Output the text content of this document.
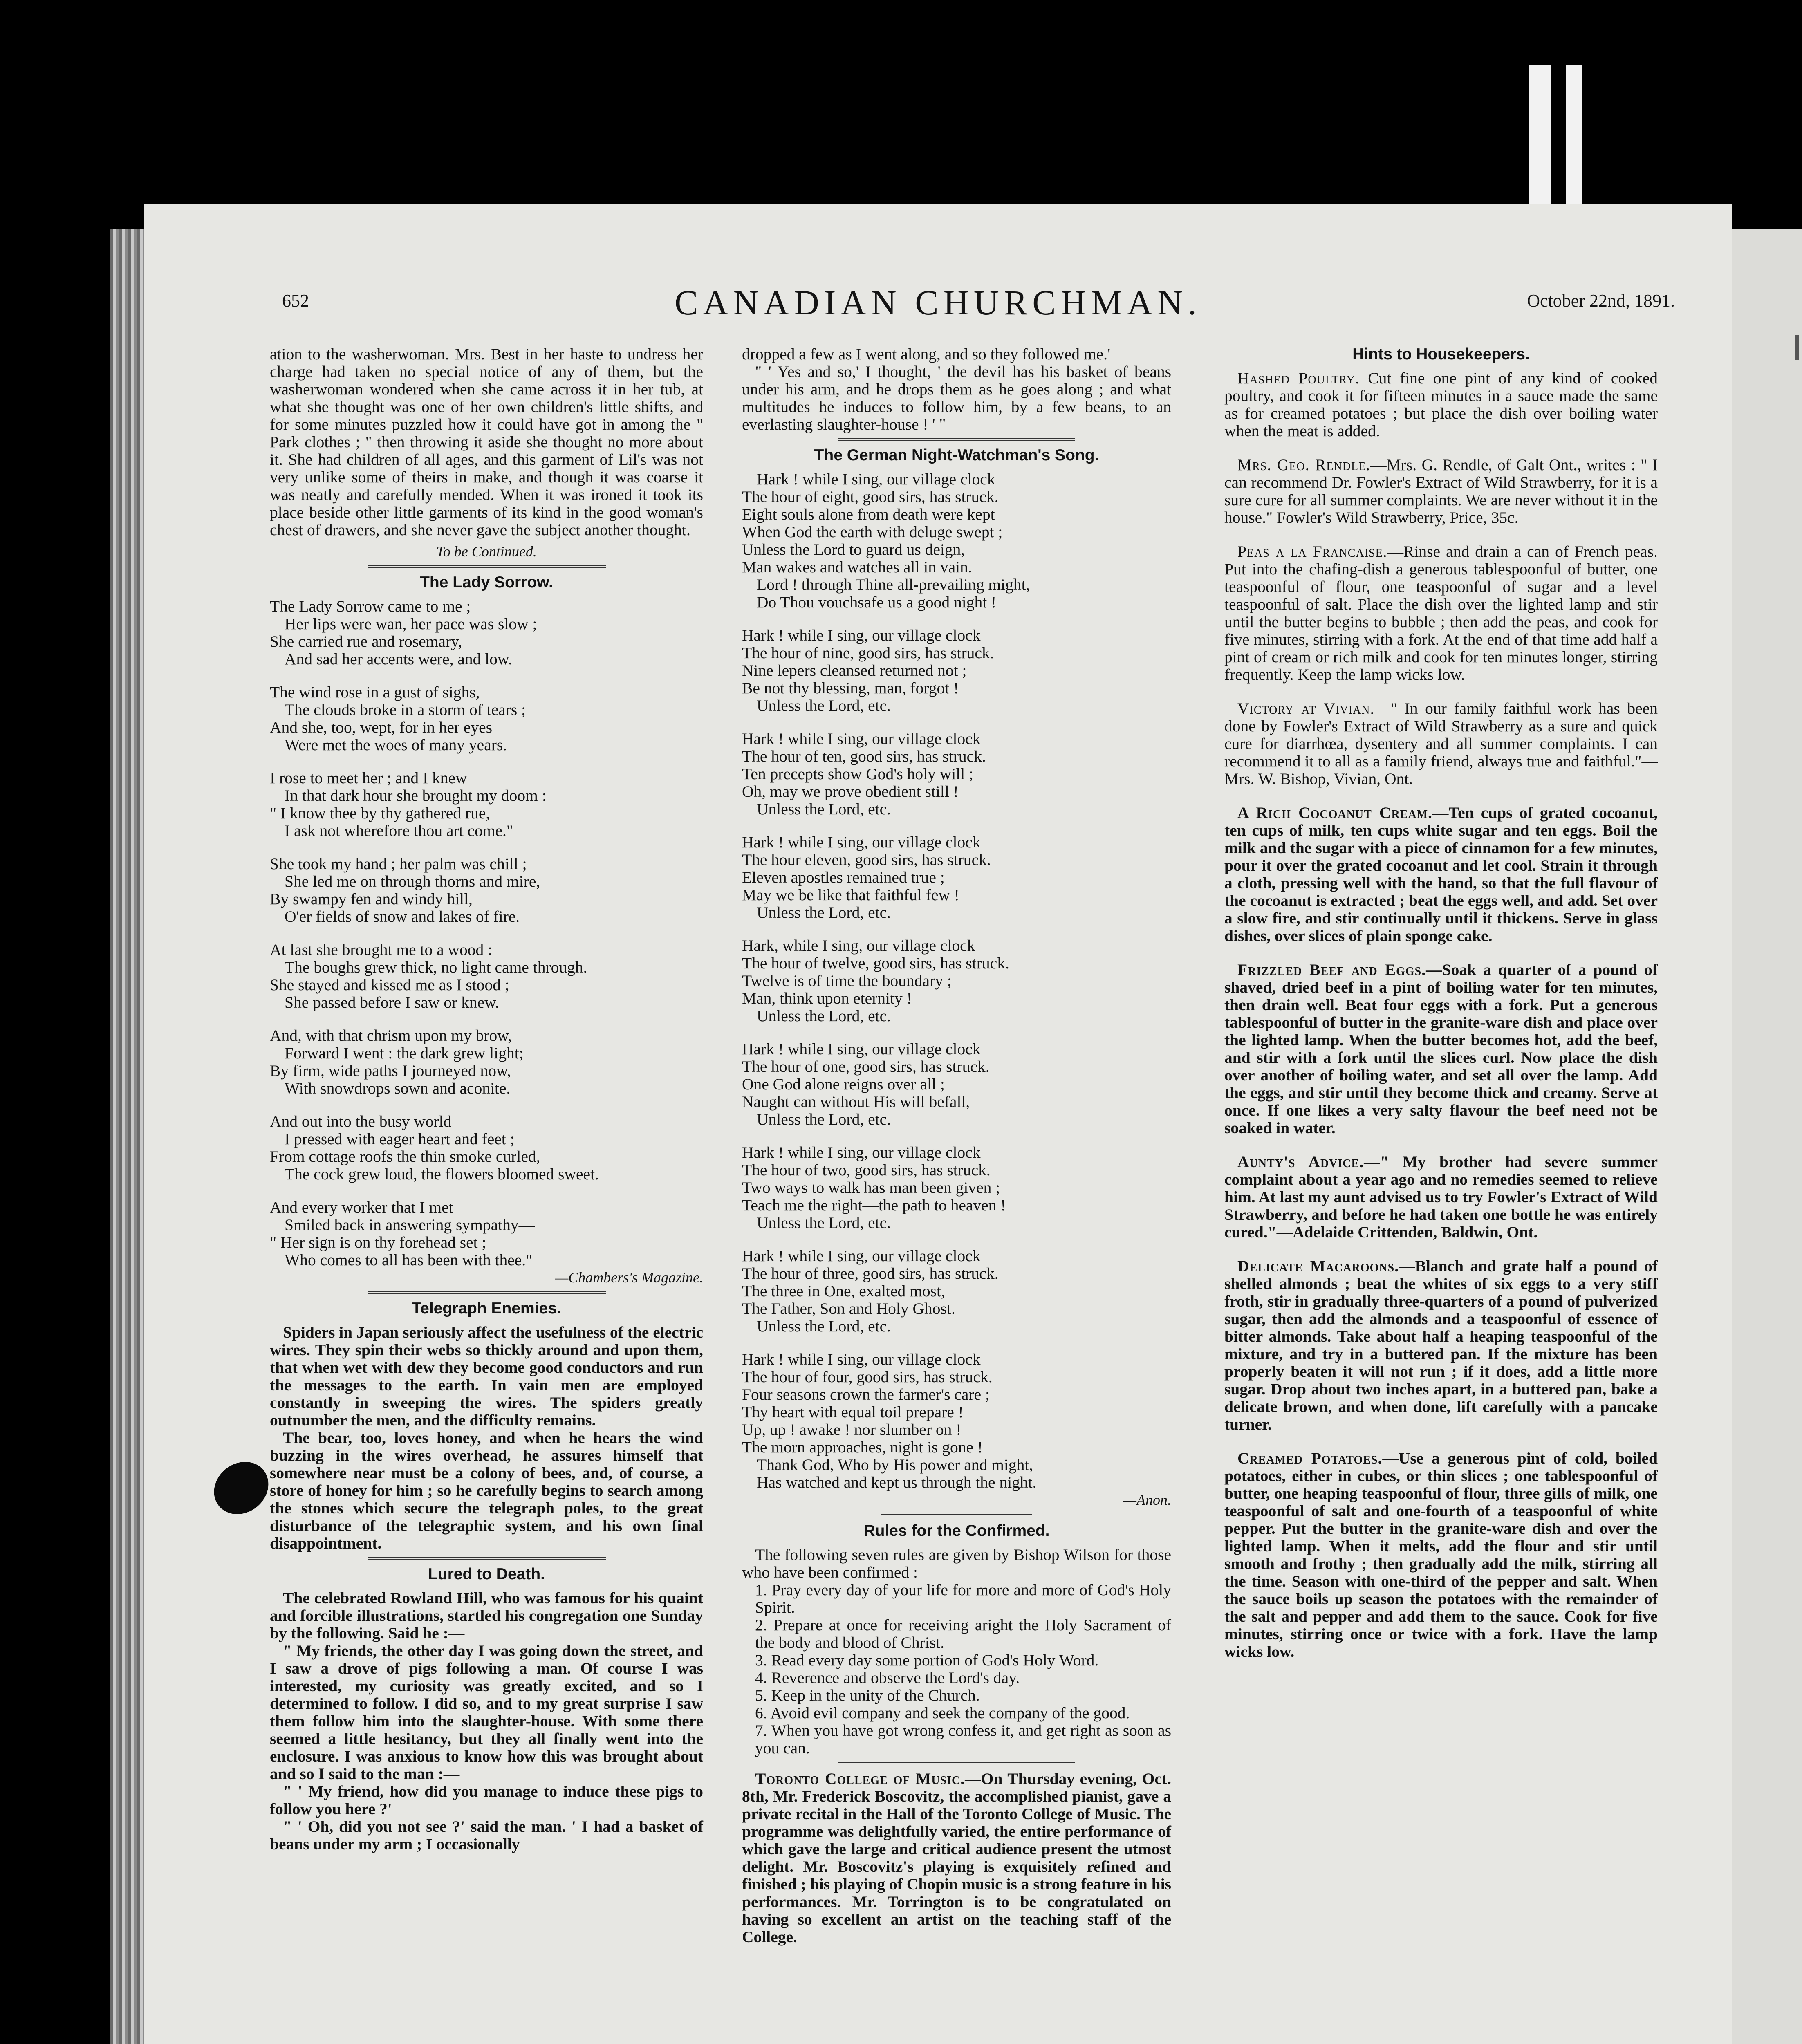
652	CANADIAN CHURCHMAN.	October 22nd, 1891.

ation to the washerwoman. Mrs. Best in her haste to undress her charge had taken no special notice of any of them, but the washerwoman wondered when she came across it in her tub, at what she thought was one of her own children's little shifts, and for some minutes puzzled how it could have got in among the " Park clothes ; " then throwing it aside she thought no more about it. She had children of all ages, and this garment of Lil's was not very unlike some of theirs in make, and though it was coarse it was neatly and carefully mended. When it was ironed it took its place beside other little garments of its kind in the good woman's chest of drawers, and she never gave the subject another thought.

To be Continued.
The Lady Sorrow.
The Lady Sorrow came to me ;
Her lips were wan, her pace was slow ;
She carried rue and rosemary,
And sad her accents were, and low.
The wind rose in a gust of sighs,
The clouds broke in a storm of tears ;
And she, too, wept, for in her eyes
Were met the woes of many years.
I rose to meet her ; and I knew
In that dark hour she brought my doom :
" I know thee by thy gathered rue,
I ask not wherefore thou art come."
She took my hand ; her palm was chill ;
She led me on through thorns and mire,
By swampy fen and windy hill,
O'er fields of snow and lakes of fire.
At last she brought me to a wood :
The boughs grew thick, no light came through.
She stayed and kissed me as I stood ;
She passed before I saw or knew.
And, with that chrism upon my brow,
Forward I went : the dark grew light;
By firm, wide paths I journeyed now,
With snowdrops sown and aconite.
And out into the busy world
I pressed with eager heart and feet ;
From cottage roofs the thin smoke curled,
The cock grew loud, the flowers bloomed sweet.
And every worker that I met
Smiled back in answering sympathy—
" Her sign is on thy forehead set ;
Who comes to all has been with thee."
—Chambers's Magazine.
Telegraph Enemies.

Spiders in Japan seriously affect the usefulness of the electric wires. They spin their webs so thickly around and upon them, that when wet with dew they become good conductors and run the messages to the earth. In vain men are employed constantly in sweeping the wires. The spiders greatly outnumber the men, and the difficulty remains.

The bear, too, loves honey, and when he hears the wind buzzing in the wires overhead, he assures himself that somewhere near must be a colony of bees, and, of course, a store of honey for him ; so he carefully begins to search among the stones which secure the telegraph poles, to the great disturbance of the telegraphic system, and his own final disappointment.

Lured to Death.

The celebrated Rowland Hill, who was famous for his quaint and forcible illustrations, startled his congregation one Sunday by the following. Said he :—

" My friends, the other day I was going down the street, and I saw a drove of pigs following a man. Of course I was interested, my curiosity was greatly excited, and so I determined to follow. I did so, and to my great surprise I saw them follow him into the slaughter-house. With some there seemed a little hesitancy, but they all finally went into the enclosure. I was anxious to know how this was brought about and so I said to the man :—

" ' My friend, how did you manage to induce these pigs to follow you here ?'

" ' Oh, did you not see ?' said the man. ' I had a basket of beans under my arm ; I occasionally

dropped a few as I went along, and so they followed me.'

" ' Yes and so,' I thought, ' the devil has his basket of beans under his arm, and he drops them as he goes along ; and what multitudes he induces to follow him, by a few beans, to an everlasting slaughter-house ! ' "

The German Night-Watchman's Song.
Hark ! while I sing, our village clock
The hour of eight, good sirs, has struck.
Eight souls alone from death were kept
When God the earth with deluge swept ;
Unless the Lord to guard us deign,
Man wakes and watches all in vain.
Lord ! through Thine all-prevailing might,
Do Thou vouchsafe us a good night !
Hark ! while I sing, our village clock
The hour of nine, good sirs, has struck.
Nine lepers cleansed returned not ;
Be not thy blessing, man, forgot !
Unless the Lord, etc.
Hark ! while I sing, our village clock
The hour of ten, good sirs, has struck.
Ten precepts show God's holy will ;
Oh, may we prove obedient still !
Unless the Lord, etc.
Hark ! while I sing, our village clock
The hour eleven, good sirs, has struck.
Eleven apostles remained true ;
May we be like that faithful few !
Unless the Lord, etc.
Hark, while I sing, our village clock
The hour of twelve, good sirs, has struck.
Twelve is of time the boundary ;
Man, think upon eternity !
Unless the Lord, etc.
Hark ! while I sing, our village clock
The hour of one, good sirs, has struck.
One God alone reigns over all ;
Naught can without His will befall,
Unless the Lord, etc.
Hark ! while I sing, our village clock
The hour of two, good sirs, has struck.
Two ways to walk has man been given ;
Teach me the right—the path to heaven !
Unless the Lord, etc.
Hark ! while I sing, our village clock
The hour of three, good sirs, has struck.
The three in One, exalted most,
The Father, Son and Holy Ghost.
Unless the Lord, etc.
Hark ! while I sing, our village clock
The hour of four, good sirs, has struck.
Four seasons crown the farmer's care ;
Thy heart with equal toil prepare !
Up, up ! awake ! nor slumber on !
The morn approaches, night is gone !
Thank God, Who by His power and might,
Has watched and kept us through the night.
—Anon.
Rules for the Confirmed.

The following seven rules are given by Bishop Wilson for those who have been confirmed :

1. Pray every day of your life for more and more of God's Holy Spirit.

2. Prepare at once for receiving aright the Holy Sacrament of the body and blood of Christ.

3. Read every day some portion of God's Holy Word.

4. Reverence and observe the Lord's day.

5. Keep in the unity of the Church.

6. Avoid evil company and seek the company of the good.

7. When you have got wrong confess it, and get right as soon as you can.

Toronto College of Music.—On Thursday evening, Oct. 8th, Mr. Frederick Boscovitz, the accomplished pianist, gave a private recital in the Hall of the Toronto College of Music. The programme was delightfully varied, the entire performance of which gave the large and critical audience present the utmost delight. Mr. Boscovitz's playing is exquisitely refined and finished ; his playing of Chopin music is a strong feature in his performances. Mr. Torrington is to be congratulated on having so excellent an artist on the teaching staff of the College.

Hints to Housekeepers.

Hashed Poultry. Cut fine one pint of any kind of cooked poultry, and cook it for fifteen minutes in a sauce made the same as for creamed potatoes ; but place the dish over boiling water when the meat is added.

Mrs. Geo. Rendle.—Mrs. G. Rendle, of Galt Ont., writes : " I can recommend Dr. Fowler's Extract of Wild Strawberry, for it is a sure cure for all summer complaints. We are never without it in the house." Fowler's Wild Strawberry, Price, 35c.

Peas a la Francaise.—Rinse and drain a can of French peas. Put into the chafing-dish a generous tablespoonful of butter, one teaspoonful of flour, one teaspoonful of sugar and a level teaspoonful of salt. Place the dish over the lighted lamp and stir until the butter begins to bubble ; then add the peas, and cook for five minutes, stirring with a fork. At the end of that time add half a pint of cream or rich milk and cook for ten minutes longer, stirring frequently. Keep the lamp wicks low.

Victory at Vivian.—" In our family faithful work has been done by Fowler's Extract of Wild Strawberry as a sure and quick cure for diarrhœa, dysentery and all summer complaints. I can recommend it to all as a family friend, always true and faithful."—Mrs. W. Bishop, Vivian, Ont.

A Rich Cocoanut Cream.—Ten cups of grated cocoanut, ten cups of milk, ten cups white sugar and ten eggs. Boil the milk and the sugar with a piece of cinnamon for a few minutes, pour it over the grated cocoanut and let cool. Strain it through a cloth, pressing well with the hand, so that the full flavour of the cocoanut is extracted ; beat the eggs well, and add. Set over a slow fire, and stir continually until it thickens. Serve in glass dishes, over slices of plain sponge cake.

Frizzled Beef and Eggs.—Soak a quarter of a pound of shaved, dried beef in a pint of boiling water for ten minutes, then drain well. Beat four eggs with a fork. Put a generous tablespoonful of butter in the granite-ware dish and place over the lighted lamp. When the butter becomes hot, add the beef, and stir with a fork until the slices curl. Now place the dish over another of boiling water, and set all over the lamp. Add the eggs, and stir until they become thick and creamy. Serve at once. If one likes a very salty flavour the beef need not be soaked in water.

Aunty's Advice.—" My brother had severe summer complaint about a year ago and no remedies seemed to relieve him. At last my aunt advised us to try Fowler's Extract of Wild Strawberry, and before he had taken one bottle he was entirely cured."—Adelaide Crittenden, Baldwin, Ont.

Delicate Macaroons.—Blanch and grate half a pound of shelled almonds ; beat the whites of six eggs to a very stiff froth, stir in gradually three-quarters of a pound of pulverized sugar, then add the almonds and a teaspoonful of essence of bitter almonds. Take about half a heaping teaspoonful of the mixture, and try in a buttered pan. If the mixture has been properly beaten it will not run ; if it does, add a little more sugar. Drop about two inches apart, in a buttered pan, bake a delicate brown, and when done, lift carefully with a pancake turner.

Creamed Potatoes.—Use a generous pint of cold, boiled potatoes, either in cubes, or thin slices ; one tablespoonful of butter, one heaping teaspoonful of flour, three gills of milk, one teaspoonful of salt and one-fourth of a teaspoonful of white pepper. Put the butter in the granite-ware dish and over the lighted lamp. When it melts, add the flour and stir until smooth and frothy ; then gradually add the milk, stirring all the time. Season with one-third of the pepper and salt. When the sauce boils up season the potatoes with the remainder of the salt and pepper and add them to the sauce. Cook for five minutes, stirring once or twice with a fork. Have the lamp wicks low.
